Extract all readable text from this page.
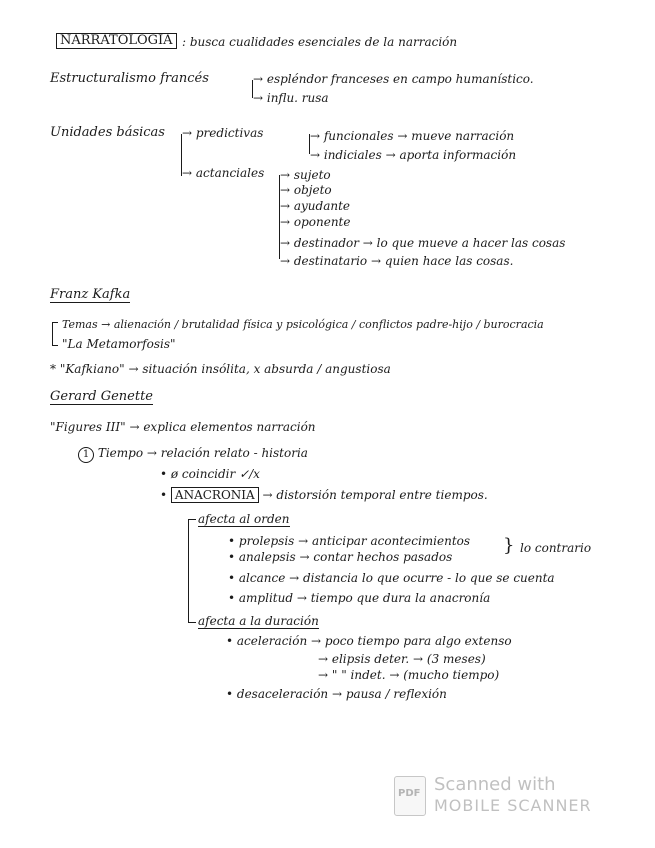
NARRATOLOGIA : busca cualidades esenciales de la narración
Estructuralismo francés	→ espléndor franceses en campo humanístico.
→ influ. rusa
Unidades básicas → predictivas	→ funcionales → mueve narración
→ indiciales → aporta información
→ actanciales → sujeto
→ objeto
→ ayudante
→ oponente
→ destinador → lo que mueve a hacer las cosas
→ destinatario → quien hace las cosas.
Franz Kafka
Temas → alienación / brutalidad física y psicológica / conflictos padre-hijo / burocracia
"La Metamorfosis"
* "Kafkiano" → situación insólita, x absurda / angustiosa
Gerard Genette
"Figures III" → explica elementos narración
1 Tiempo → relación relato - historia
• ø coincidir ✓/x
• ANACRONIA → distorsión temporal entre tiempos.
afecta al orden
• prolepsis → anticipar acontecimientos
• analepsis → contar hechos pasados
} lo contrario
• alcance → distancia lo que ocurre - lo que se cuenta
• amplitud → tiempo que dura la anacronía
afecta a la duración
• aceleración → poco tiempo para algo extenso
→ elipsis deter. → (3 meses)
→ " " indet. → (mucho tiempo)
• desaceleración → pausa / reflexión
PDF Scanned with
MOBILE SCANNER
